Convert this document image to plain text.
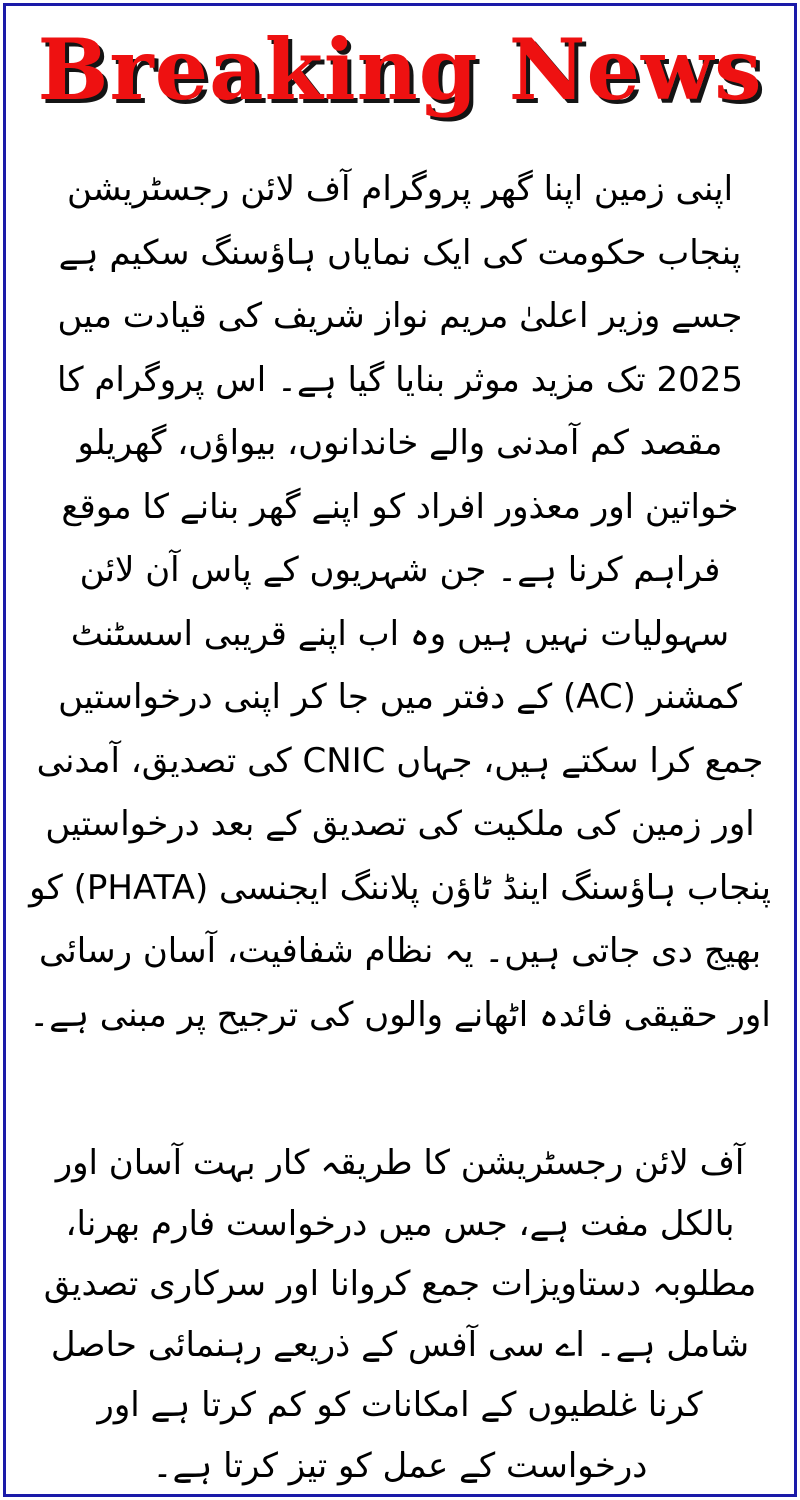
Breaking News

اپنی زمین اپنا گھر پروگرام آف لائن رجسٹریشن پنجاب حکومت کی ایک نمایاں ہاؤسنگ سکیم ہے جسے وزیر اعلیٰ مریم نواز شریف کی قیادت میں 2025 تک مزید موثر بنایا گیا ہے۔ اس پروگرام کا مقصد کم آمدنی والے خاندانوں، بیواؤں، گھریلو خواتین اور معذور افراد کو اپنے گھر بنانے کا موقع فراہم کرنا ہے۔ جن شہریوں کے پاس آن لائن سہولیات نہیں ہیں وہ اب اپنے قریبی اسسٹنٹ کمشنر (AC) کے دفتر میں جا کر اپنی درخواستیں جمع کرا سکتے ہیں، جہاں CNIC کی تصدیق، آمدنی اور زمین کی ملکیت کی تصدیق کے بعد درخواستیں پنجاب ہاؤسنگ اینڈ ٹاؤن پلاننگ ایجنسی (PHATA) کو بھیج دی جاتی ہیں۔ یہ نظام شفافیت، آسان رسائی اور حقیقی فائدہ اٹھانے والوں کی ترجیح پر مبنی ہے۔

آف لائن رجسٹریشن کا طریقہ کار بہت آسان اور بالکل مفت ہے، جس میں درخواست فارم بھرنا، مطلوبہ دستاویزات جمع کروانا اور سرکاری تصدیق شامل ہے۔ اے سی آفس کے ذریعے رہنمائی حاصل کرنا غلطیوں کے امکانات کو کم کرتا ہے اور درخواست کے عمل کو تیز کرتا ہے۔
